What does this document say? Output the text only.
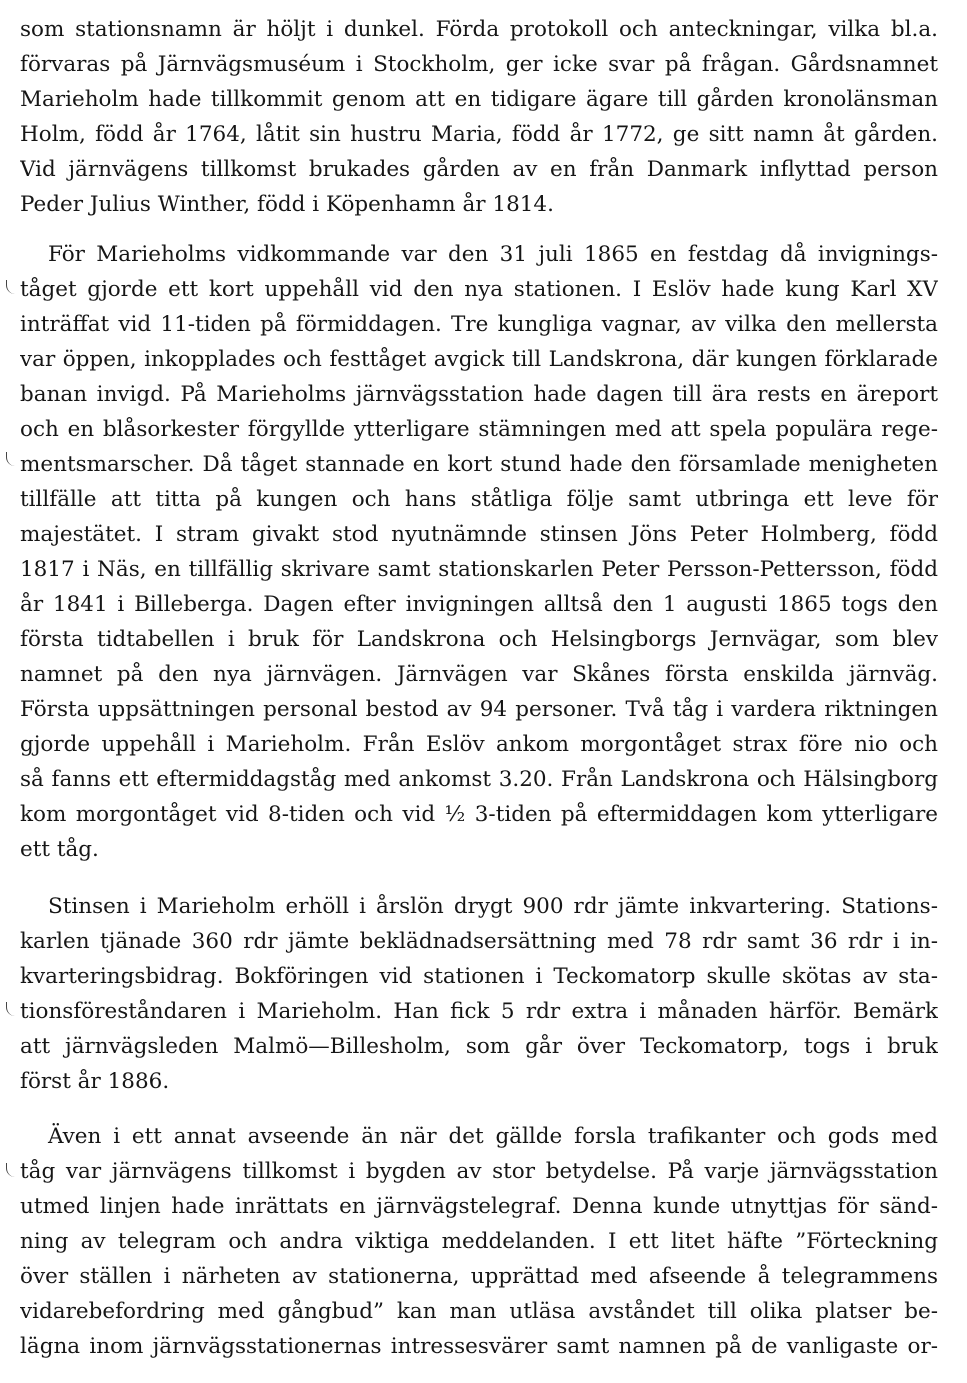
som stationsnamn är höljt i dunkel. Förda protokoll och anteckningar, vilka bl.a.
förvaras på Järnvägsmuséum i Stockholm, ger icke svar på frågan. Gårdsnamnet
Marieholm hade tillkommit genom att en tidigare ägare till gården kronolänsman
Holm, född år 1764, låtit sin hustru Maria, född år 1772, ge sitt namn åt gården.
Vid järnvägens tillkomst brukades gården av en från Danmark inflyttad person
Peder Julius Winther, född i Köpenhamn år 1814.
För Marieholms vidkommande var den 31 juli 1865 en festdag då invignings-
tåget gjorde ett kort uppehåll vid den nya stationen. I Eslöv hade kung Karl XV
inträffat vid 11-tiden på förmiddagen. Tre kungliga vagnar, av vilka den mellersta
var öppen, inkopplades och festtåget avgick till Landskrona, där kungen förklarade
banan invigd. På Marieholms järnvägsstation hade dagen till ära rests en äreport
och en blåsorkester förgyllde ytterligare stämningen med att spela populära rege-
mentsmarscher. Då tåget stannade en kort stund hade den församlade menigheten
tillfälle att titta på kungen och hans ståtliga följe samt utbringa ett leve för
majestätet. I stram givakt stod nyutnämnde stinsen Jöns Peter Holmberg, född
1817 i Näs, en tillfällig skrivare samt stationskarlen Peter Persson-Pettersson, född
år 1841 i Billeberga. Dagen efter invigningen alltså den 1 augusti 1865 togs den
första tidtabellen i bruk för Landskrona och Helsingborgs Jernvägar, som blev
namnet på den nya järnvägen. Järnvägen var Skånes första enskilda järnväg.
Första uppsättningen personal bestod av 94 personer. Två tåg i vardera riktningen
gjorde uppehåll i Marieholm. Från Eslöv ankom morgontåget strax före nio och
så fanns ett eftermiddagståg med ankomst 3.20. Från Landskrona och Hälsingborg
kom morgontåget vid 8-tiden och vid ½ 3-tiden på eftermiddagen kom ytterligare
ett tåg.
Stinsen i Marieholm erhöll i årslön drygt 900 rdr jämte inkvartering. Stations-
karlen tjänade 360 rdr jämte beklädnadsersättning med 78 rdr samt 36 rdr i in-
kvarteringsbidrag. Bokföringen vid stationen i Teckomatorp skulle skötas av sta-
tionsföreståndaren i Marieholm. Han fick 5 rdr extra i månaden härför. Bemärk
att järnvägsleden Malmö—Billesholm, som går över Teckomatorp, togs i bruk
först år 1886.
Även i ett annat avseende än när det gällde forsla trafikanter och gods med
tåg var järnvägens tillkomst i bygden av stor betydelse. På varje järnvägsstation
utmed linjen hade inrättats en järnvägstelegraf. Denna kunde utnyttjas för sänd-
ning av telegram och andra viktiga meddelanden. I ett litet häfte ”Förteckning
över ställen i närheten av stationerna, upprättad med afseende å telegrammens
vidarebefordring med gångbud” kan man utläsa avståndet till olika platser be-
lägna inom järnvägsstationernas intressesvärer samt namnen på de vanligaste or-
